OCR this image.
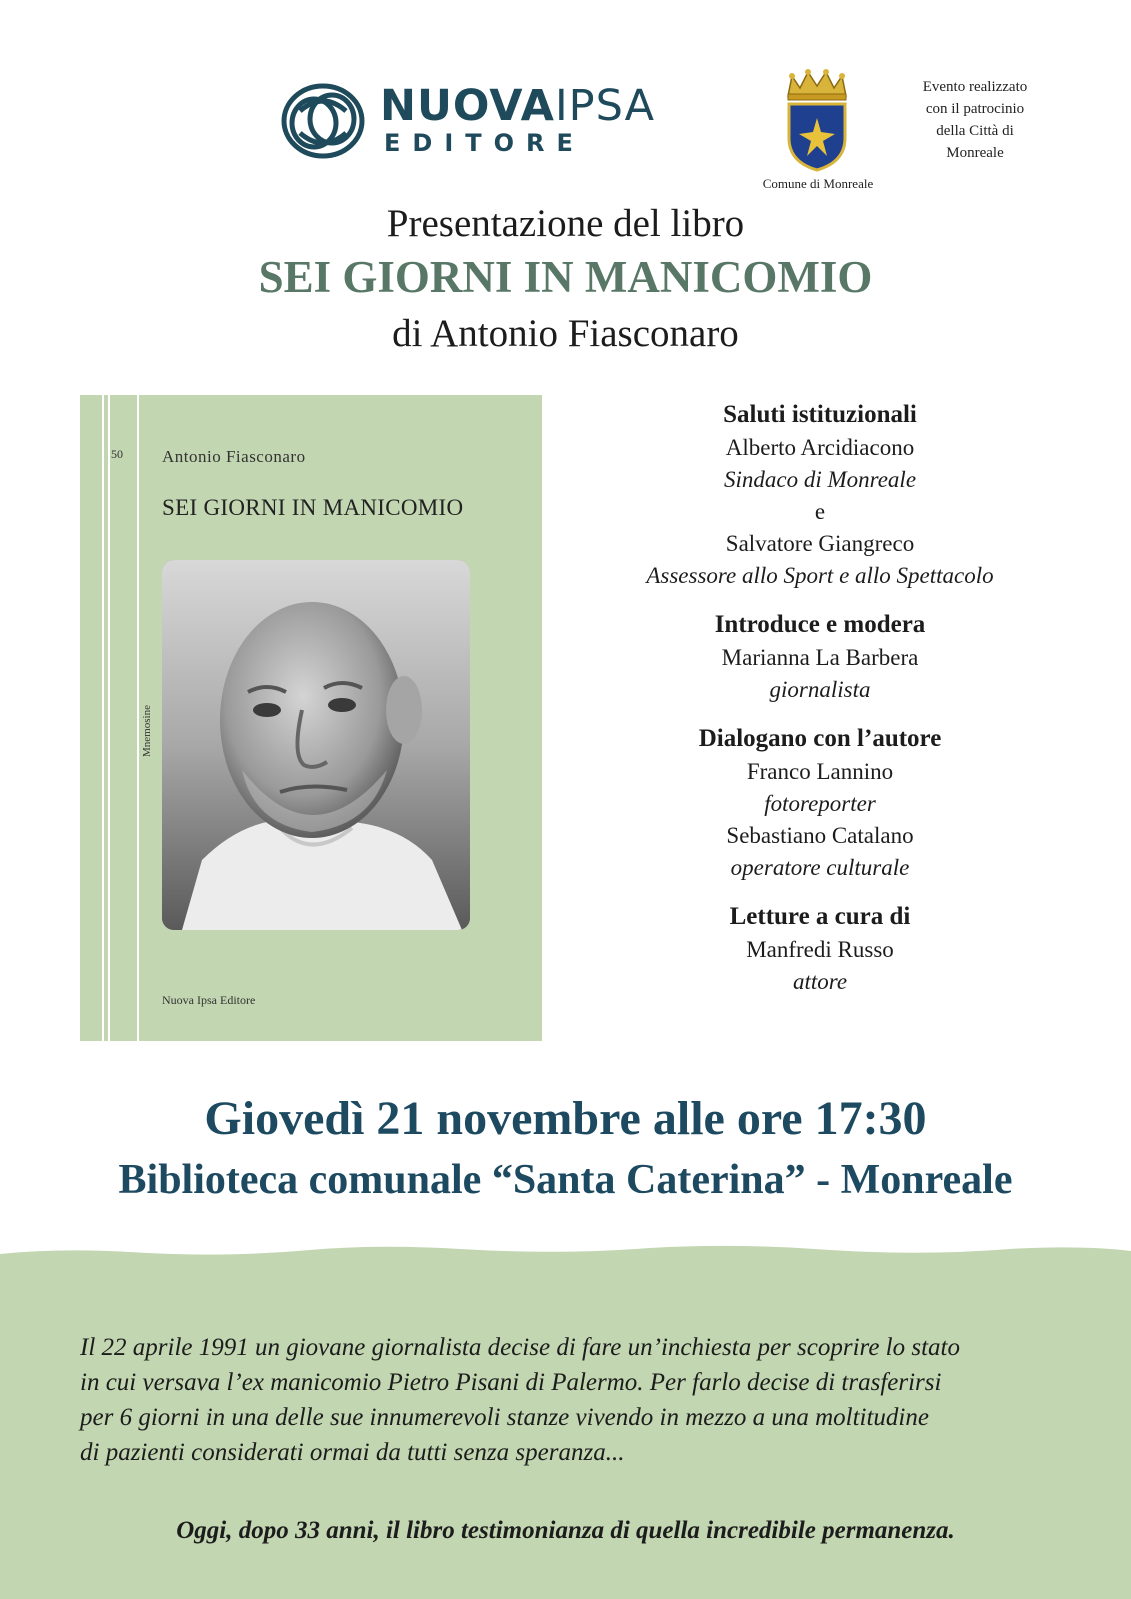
NUOVAIPSA
EDITORE
Comune di Monreale
Evento realizzato
con il patrocinio
della Città di
Monreale
Presentazione del libro
SEI GIORNI IN MANICOMIO
di Antonio Fiasconaro
50 Antonio Fiasconaro
SEI GIORNI IN MANICOMIO
Mnemosine
Nuova Ipsa Editore
Saluti istituzionali
Alberto Arcidiacono
Sindaco di Monreale
e
Salvatore Giangreco
Assessore allo Sport e allo Spettacolo
Introduce e modera
Marianna La Barbera
giornalista
Dialogano con l’autore
Franco Lannino
fotoreporter
Sebastiano Catalano
operatore culturale
Letture a cura di
Manfredi Russo
attore
Giovedì 21 novembre alle ore 17:30
Biblioteca comunale “Santa Caterina” - Monreale
Il 22 aprile 1991 un giovane giornalista decise di fare un’inchiesta per scoprire lo stato
in cui versava l’ex manicomio Pietro Pisani di Palermo. Per farlo decise di trasferirsi
per 6 giorni in una delle sue innumerevoli stanze vivendo in mezzo a una moltitudine
di pazienti considerati ormai da tutti senza speranza...
Oggi, dopo 33 anni, il libro testimonianza di quella incredibile permanenza.
